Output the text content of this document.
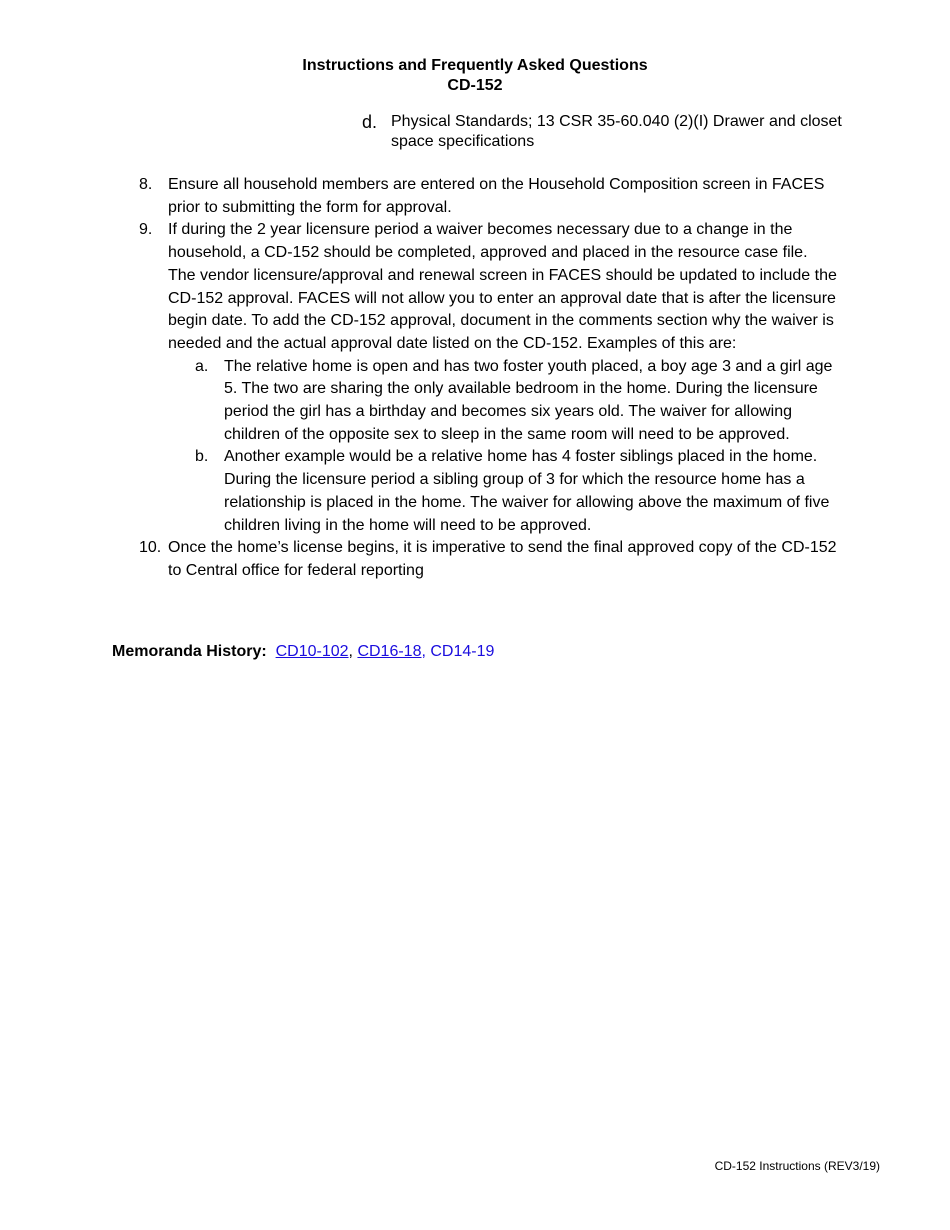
Instructions and Frequently Asked Questions
CD-152
d. Physical Standards; 13 CSR 35-60.040 (2)(I) Drawer and closet space specifications
8. Ensure all household members are entered on the Household Composition screen in FACES prior to submitting the form for approval.
9. If during the 2 year licensure period a waiver becomes necessary due to a change in the household, a CD-152 should be completed, approved and placed in the resource case file. The vendor licensure/approval and renewal screen in FACES should be updated to include the CD-152 approval. FACES will not allow you to enter an approval date that is after the licensure begin date. To add the CD-152 approval, document in the comments section why the waiver is needed and the actual approval date listed on the CD-152. Examples of this are:
a. The relative home is open and has two foster youth placed, a boy age 3 and a girl age 5. The two are sharing the only available bedroom in the home. During the licensure period the girl has a birthday and becomes six years old. The waiver for allowing children of the opposite sex to sleep in the same room will need to be approved.
b. Another example would be a relative home has 4 foster siblings placed in the home. During the licensure period a sibling group of 3 for which the resource home has a relationship is placed in the home. The waiver for allowing above the maximum of five children living in the home will need to be approved.
10. Once the home’s license begins, it is imperative to send the final approved copy of the CD-152 to Central office for federal reporting
Memoranda History: CD10-102, CD16-18, CD14-19
CD-152 Instructions (REV3/19)
